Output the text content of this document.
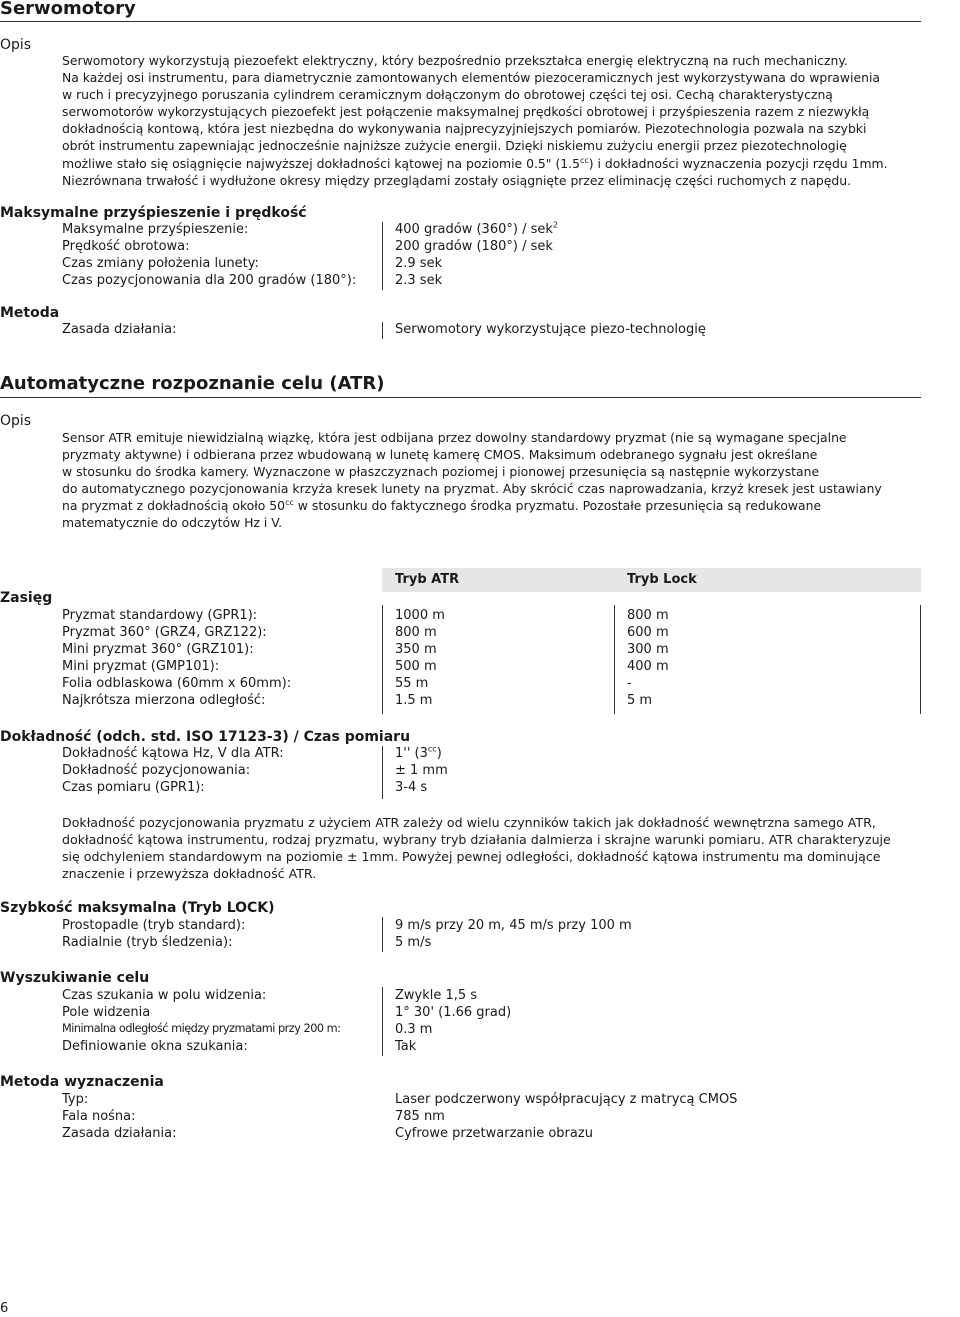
Serwomotory
Opis

Serwomotory wykorzystują piezoefekt elektryczny, który bezpośrednio przekształca energię elektryczną na ruch mechaniczny.

Na każdej osi instrumentu, para diametrycznie zamontowanych elementów piezoceramicznych jest wykorzystywana do wprawienia

w ruch i precyzyjnego poruszania cylindrem ceramicznym dołączonym do obrotowej części tej osi. Cechą charakterystyczną

serwomotorów wykorzystujących piezoefekt jest połączenie maksymalnej prędkości obrotowej i przyśpieszenia razem z niezwykłą

dokładnością kontową, która jest niezbędna do wykonywania najprecyzyjniejszych pomiarów. Piezotechnologia pozwala na szybki

obrót instrumentu zapewniając jednocześnie najniższe zużycie energii. Dzięki niskiemu zużyciu energii przez piezotechnologię

możliwe stało się osiągnięcie najwyższej dokładności kątowej na poziomie 0.5" (1.5$^{cc}$) i dokładności wyznaczenia pozycji rzędu 1mm.

Niezrównana trwałość i wydłużone okresy między przeglądami zostały osiągnięte przez eliminację części ruchomych z napędu.

Maksymalne przyśpieszenie i prędkość
Maksymalne przyśpieszenie:	400 gradów (360°) / sek$^2$
Prędkość obrotowa:	200 gradów (180°) / sek
Czas zmiany położenia lunety:	2.9 sek
Czas pozycjonowania dla 200 gradów (180°):	2.3 sek
Metoda
Zasada działania:	Serwomotory wykorzystujące piezo-technologię
Automatyczne rozpoznanie celu (ATR)
Opis

Sensor ATR emituje niewidzialną wiązkę, która jest odbijana przez dowolny standardowy pryzmat (nie są wymagane specjalne

pryzmaty aktywne) i odbierana przez wbudowaną w lunetę kamerę CMOS. Maksimum odebranego sygnału jest określane

w stosunku do środka kamery. Wyznaczone w płaszczyznach poziomej i pionowej przesunięcia są następnie wykorzystane

do automatycznego pozycjonowania krzyża kresek lunety na pryzmat. Aby skrócić czas naprowadzania, krzyż kresek jest ustawiany

na pryzmat z dokładnością około $50^{cc}$ w stosunku do faktycznego środka pryzmatu. Pozostałe przesunięcia są redukowane

matematycznie do odczytów Hz i V.

Tryb ATR	Tryb Lock
Zasięg
Pryzmat standardowy (GPR1):	1000 m	800 m
Pryzmat 360° (GRZ4, GRZ122):	800 m	600 m
Mini pryzmat 360° (GRZ101):	350 m	300 m
Mini pryzmat (GMP101):	500 m	400 m
Folia odblaskowa (60mm x 60mm):	55 m	-
Najkrótsza mierzona odległość:	1.5 m	5 m
Dokładność (odch. std. ISO 17123-3) / Czas pomiaru
Dokładność kątowa Hz, V dla ATR:	1'' $(3^{cc})$
Dokładność pozycjonowania:	± 1 mm
Czas pomiaru (GPR1):	3-4 s

Dokładność pozycjonowania pryzmatu z użyciem ATR zależy od wielu czynników takich jak dokładność wewnętrzna samego ATR,

dokładność kątowa instrumentu, rodzaj pryzmatu, wybrany tryb działania dalmierza i skrajne warunki pomiaru. ATR charakteryzuje

się odchyleniem standardowym na poziomie ± 1mm. Powyżej pewnej odległości, dokładność kątowa instrumentu ma dominujące

znaczenie i przewyższa dokładność ATR.

Szybkość maksymalna (Tryb LOCK)
Prostopadle (tryb standard):	9 m/s przy 20 m, 45 m/s przy 100 m
Radialnie (tryb śledzenia):	5 m/s
Wyszukiwanie celu
Czas szukania w polu widzenia:	Zwykle 1,5 s
Pole widzenia	1° 30' (1.66 grad)
Minimalna odległość między pryzmatami przy 200 m:	0.3 m
Definiowanie okna szukania:	Tak
Metoda wyznaczenia
Typ:	Laser podczerwony współpracujący z matrycą CMOS
Fala nośna:	785 nm
Zasada działania:	Cyfrowe przetwarzanie obrazu
6
